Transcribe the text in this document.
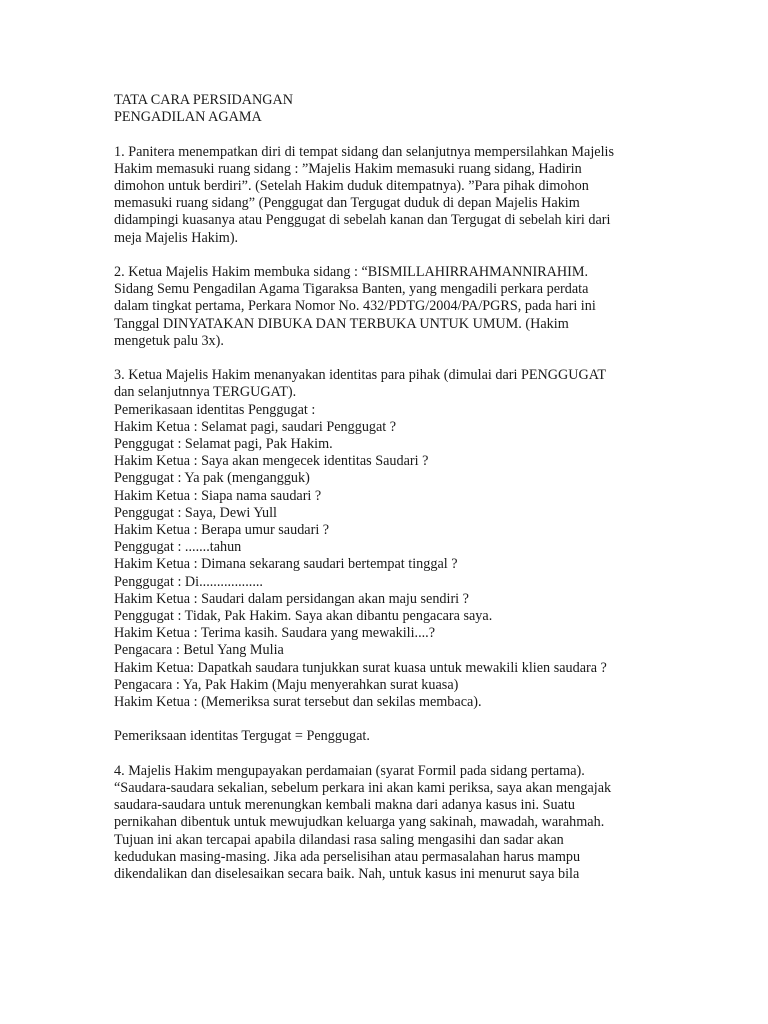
TATA CARA PERSIDANGAN
PENGADILAN AGAMA
1. Panitera menempatkan diri di tempat sidang dan selanjutnya mempersilahkan Majelis
Hakim memasuki ruang sidang : ”Majelis Hakim memasuki ruang sidang, Hadirin
dimohon untuk berdiri”. (Setelah Hakim duduk ditempatnya). ”Para pihak dimohon
memasuki ruang sidang” (Penggugat dan Tergugat duduk di depan Majelis Hakim
didampingi kuasanya atau Penggugat di sebelah kanan dan Tergugat di sebelah kiri dari
meja Majelis Hakim).
2. Ketua Majelis Hakim membuka sidang : “BISMILLAHIRRAHMANNIRAHIM.
Sidang Semu Pengadilan Agama Tigaraksa Banten, yang mengadili perkara perdata
dalam tingkat pertama, Perkara Nomor No. 432/PDTG/2004/PA/PGRS, pada hari ini
Tanggal DINYATAKAN DIBUKA DAN TERBUKA UNTUK UMUM. (Hakim
mengetuk palu 3x).
3. Ketua Majelis Hakim menanyakan identitas para pihak (dimulai dari PENGGUGAT
dan selanjutnnya TERGUGAT).
Pemerikasaan identitas Penggugat :
Hakim Ketua : Selamat pagi, saudari Penggugat ?
Penggugat : Selamat pagi, Pak Hakim.
Hakim Ketua : Saya akan mengecek identitas Saudari ?
Penggugat : Ya pak (mengangguk)
Hakim Ketua : Siapa nama saudari ?
Penggugat : Saya, Dewi Yull
Hakim Ketua : Berapa umur saudari ?
Penggugat : .......tahun
Hakim Ketua : Dimana sekarang saudari bertempat tinggal ?
Penggugat : Di..................
Hakim Ketua : Saudari dalam persidangan akan maju sendiri ?
Penggugat : Tidak, Pak Hakim. Saya akan dibantu pengacara saya.
Hakim Ketua : Terima kasih. Saudara yang mewakili....?
Pengacara : Betul Yang Mulia
Hakim Ketua: Dapatkah saudara tunjukkan surat kuasa untuk mewakili klien saudara ?
Pengacara : Ya, Pak Hakim (Maju menyerahkan surat kuasa)
Hakim Ketua : (Memeriksa surat tersebut dan sekilas membaca).
Pemeriksaan identitas Tergugat = Penggugat.
4. Majelis Hakim mengupayakan perdamaian (syarat Formil pada sidang pertama).
“Saudara-saudara sekalian, sebelum perkara ini akan kami periksa, saya akan mengajak
saudara-saudara untuk merenungkan kembali makna dari adanya kasus ini. Suatu
pernikahan dibentuk untuk mewujudkan keluarga yang sakinah, mawadah, warahmah.
Tujuan ini akan tercapai apabila dilandasi rasa saling mengasihi dan sadar akan
kedudukan masing-masing. Jika ada perselisihan atau permasalahan harus mampu
dikendalikan dan diselesaikan secara baik. Nah, untuk kasus ini menurut saya bila
